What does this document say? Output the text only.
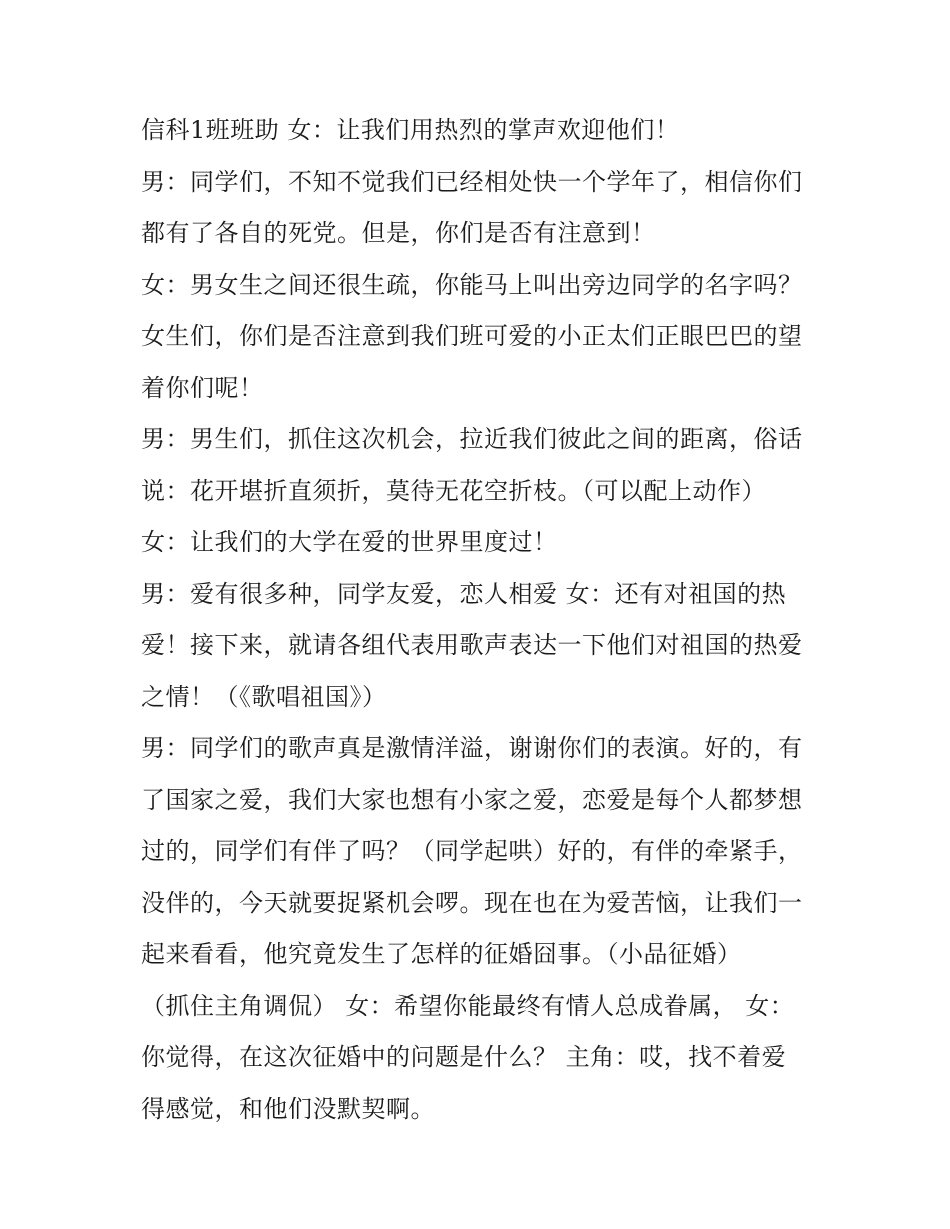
信科1班班助 女：让我们用热烈的掌声欢迎他们！
男：同学们，不知不觉我们已经相处快一个学年了，相信你们
都有了各自的死党。但是，你们是否有注意到！
女：男女生之间还很生疏，你能马上叫出旁边同学的名字吗？
女生们，你们是否注意到我们班可爱的小正太们正眼巴巴的望
着你们呢！
男：男生们，抓住这次机会，拉近我们彼此之间的距离，俗话
说：花开堪折直须折，莫待无花空折枝。（可以配上动作）
女：让我们的大学在爱的世界里度过！
男：爱有很多种，同学友爱，恋人相爱 女：还有对祖国的热
爱！接下来，就请各组代表用歌声表达一下他们对祖国的热爱
之情！（《歌唱祖国》）
男：同学们的歌声真是激情洋溢，谢谢你们的表演。好的，有
了国家之爱，我们大家也想有小家之爱，恋爱是每个人都梦想
过的，同学们有伴了吗？（同学起哄）好的，有伴的牵紧手，
没伴的，今天就要捉紧机会啰。现在也在为爱苦恼，让我们一
起来看看，他究竟发生了怎样的征婚囧事。（小品征婚）
（抓住主角调侃） 女：希望你能最终有情人总成眷属， 女：
你觉得，在这次征婚中的问题是什么？ 主角：哎，找不着爱
得感觉，和他们没默契啊。
